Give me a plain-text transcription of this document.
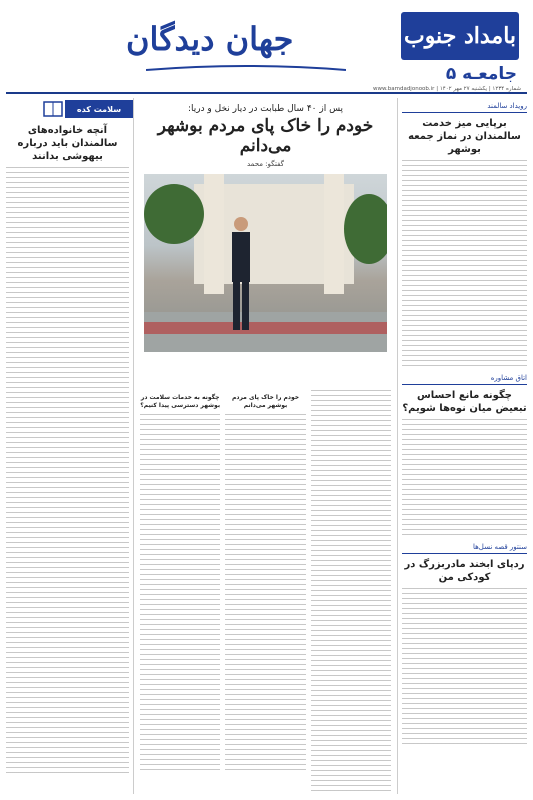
بامداد جنوب
جامعـه ۵
شماره ۱۲۳۴ | یکشنبه ۲۷ مهر ۱۴۰۲ | www.bamdadjonoob.ir
جهان دیدگان
رویداد سالمند
برپایی میز خدمت سالمندان در نماز جمعه بوشهر
اتاق مشاوره
چگونه مانع احساس تبعیض میان نوه‌ها شویم؟
سنتور قصه نسل‌ها
ردپای ابخند مادربزرگ در کودکی من
پس از ۴۰ سال طبابت در دیار نخل و دریا:
خودم را خاک پای مردم بوشهر می‌دانم
گفتگو: محمد
خودم را خاک پای مردم بوشهر می‌دانم
چگونه به خدمات سلامت در بوشهر دسترسی پیدا کنیم؟
سلامت کده
آنچه خانواده‌های سالمندان باید درباره بیهوشی بدانند
